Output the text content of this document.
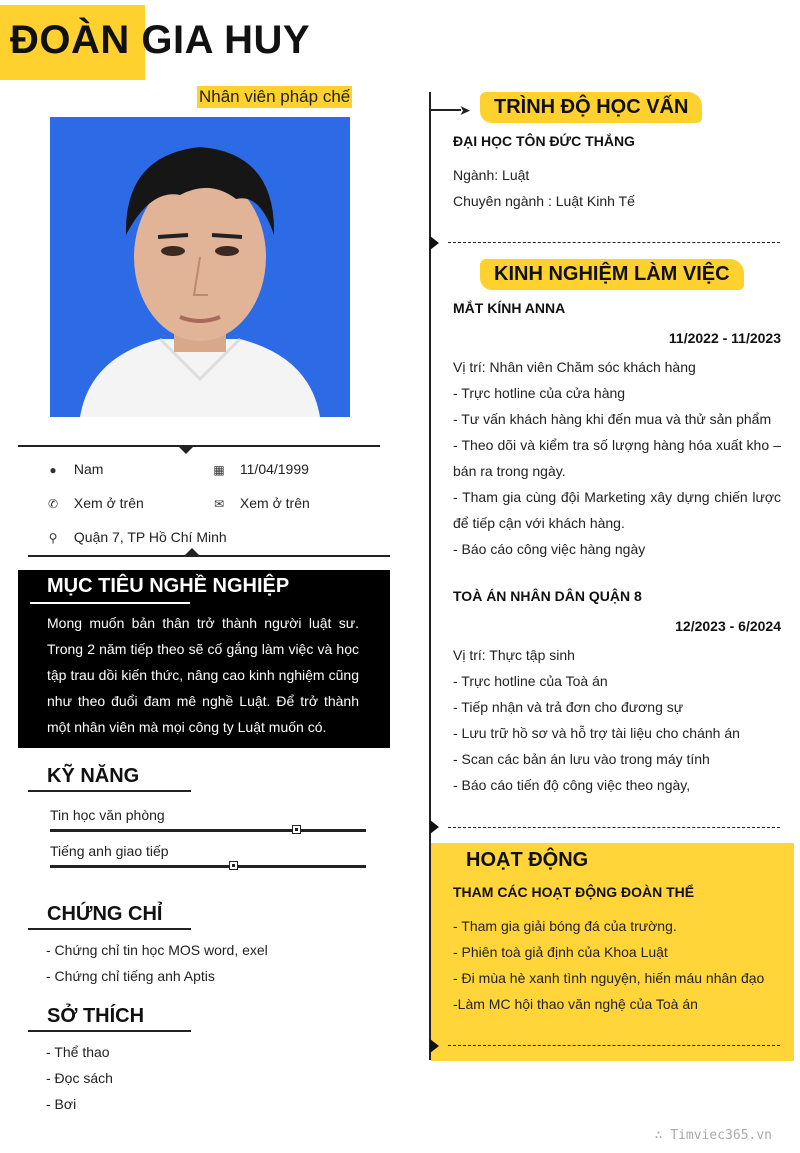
ĐOÀN GIA HUY
Nhân viên pháp chế
● Nam	▦ 11/04/1999
✆ Xem ở trên	✉ Xem ở trên
⚲ Quận 7, TP Hồ Chí Minh
MỤC TIÊU NGHỀ NGHIỆP
Mong muốn bản thân trở thành người luật sư. Trong 2 năm tiếp theo sẽ cố gắng làm việc và học tập trau dồi kiến thức, nâng cao kinh nghiệm cũng như theo đuổi đam mê nghề Luật. Để trở thành một nhân viên mà mọi công ty Luật muốn có.
KỸ NĂNG
Tin học văn phòng
Tiếng anh giao tiếp
CHỨNG CHỈ
- Chứng chỉ tin học MOS word, exel
- Chứng chỉ tiếng anh Aptis
SỞ THÍCH
- Thể thao
- Đọc sách
- Bơi
➤	TRÌNH ĐỘ HỌC VẤN
ĐẠI HỌC TÔN ĐỨC THẮNG
Ngành: Luật
Chuyên ngành : Luật Kinh Tế
KINH NGHIỆM LÀM VIỆC
MẮT KÍNH ANNA
11/2022 - 11/2023
Vị trí: Nhân viên Chăm sóc khách hàng
- Trực hotline của cửa hàng
- Tư vấn khách hàng khi đến mua và thử sản phẩm
- Theo dõi và kiểm tra số lượng hàng hóa xuất kho – bán ra trong ngày.
- Tham gia cùng đội Marketing xây dựng chiến lược để tiếp cận với khách hàng.
- Báo cáo công việc hàng ngày
TOÀ ÁN NHÂN DÂN QUẬN 8
12/2023 - 6/2024
Vị trí: Thực tập sinh
- Trực hotline của Toà án
- Tiếp nhận và trả đơn cho đương sự
- Lưu trữ hồ sơ và hỗ trợ tài liệu cho chánh án
- Scan các bản án lưu vào trong máy tính
- Báo cáo tiến độ công việc theo ngày,
HOẠT ĐỘNG
THAM CÁC HOẠT ĐỘNG ĐOÀN THỂ
- Tham gia giải bóng đá của trường.
- Phiên toà giả định của Khoa Luật
- Đi mùa hè xanh tình nguyện, hiến máu nhân đạo
-Làm MC hội thao văn nghệ của Toà án
∴ Timviec365.vn
